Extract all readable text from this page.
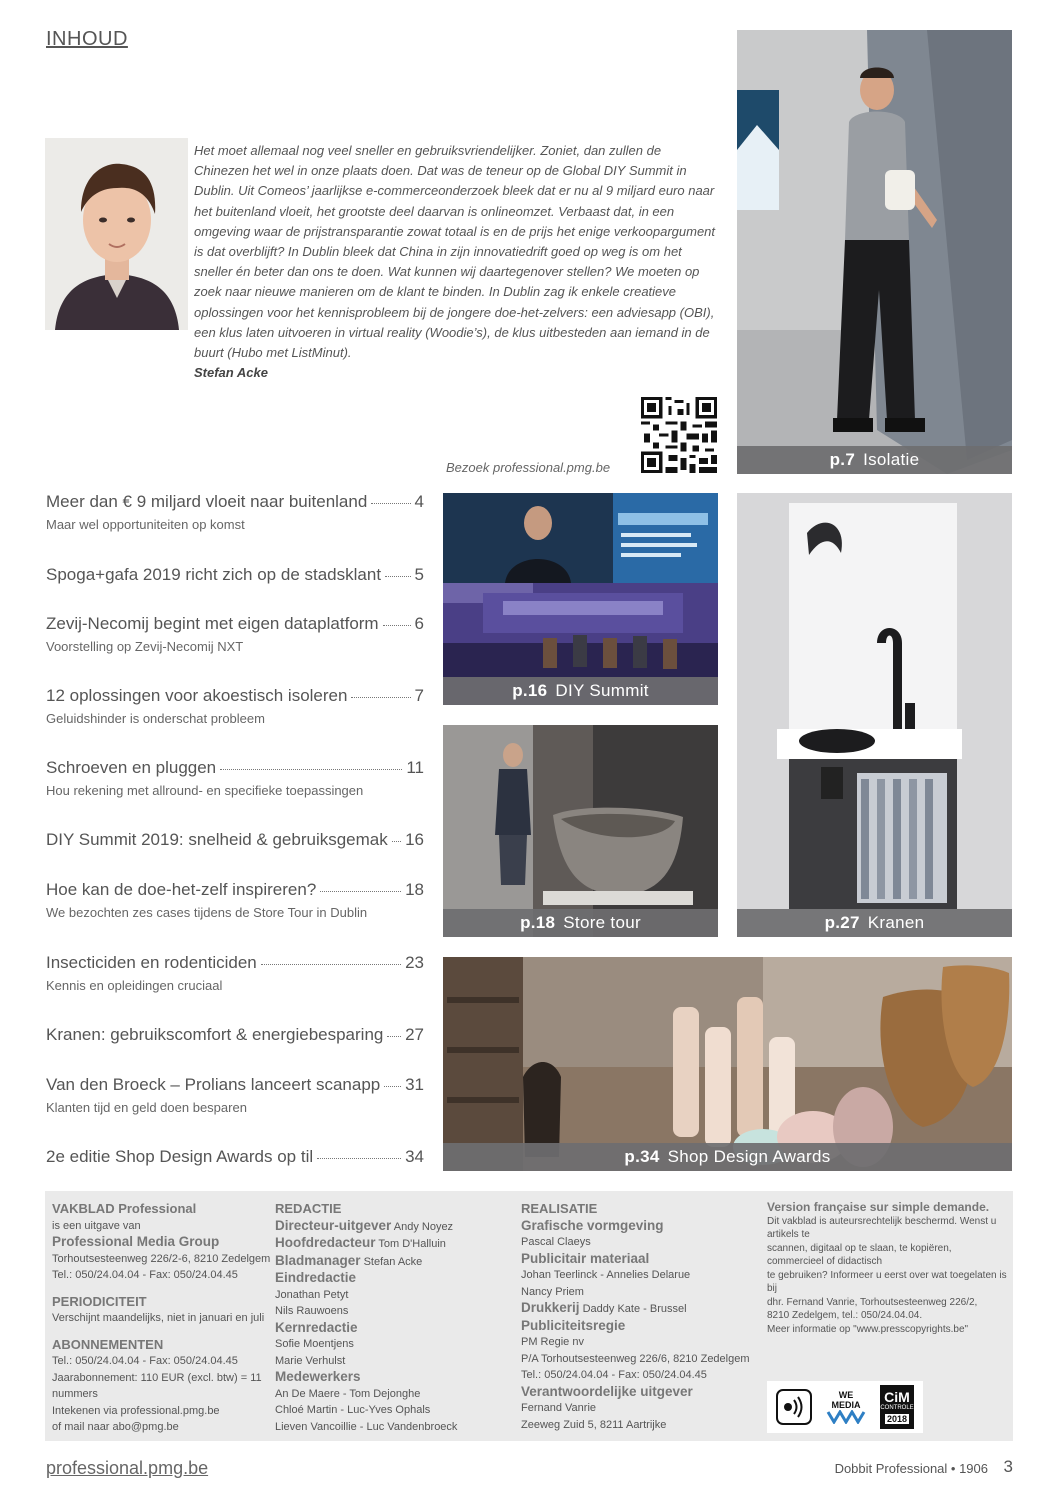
INHOUD
Het moet allemaal nog veel sneller en gebruiksvriendelijker. Zoniet, dan zullen de Chinezen het wel in onze plaats doen. Dat was de teneur op de Global DIY Summit in Dublin. Uit Comeos’ jaarlijkse e-commerceonderzoek bleek dat er nu al 9 miljard euro naar het buitenland vloeit, het grootste deel daarvan is onlineomzet. Verbaast dat, in een omgeving waar de prijstransparantie zowat totaal is en de prijs het enige verkoopargument is dat overblijft? In Dublin bleek dat China in zijn innovatiedrift goed op weg is om het sneller én beter dan ons te doen. Wat kunnen wij daartegenover stellen? We moeten op zoek naar nieuwe manieren om de klant te binden. In Dublin zag ik enkele creatieve oplossingen voor het kennisprobleem bij de jongere doe-het-zelvers: een adviesapp (OBI), een klus laten uitvoeren in virtual reality (Woodie’s), de klus uitbesteden aan iemand in de buurt (Hubo met ListMinut).
Stefan Acke
Bezoek professional.pmg.be	p.7 Isolatie
p.16 DIY Summit
p.18 Store tour	p.27 Kranen
p.34 Shop Design Awards
Meer dan € 9 miljard vloeit naar buitenland	4
Maar wel opportuniteiten op komst
Spoga+gafa 2019 richt zich op de stadsklant 5
Zevij-Necomij begint met eigen dataplatform 6
Voorstelling op Zevij-Necomij NXT
12 oplossingen voor akoestisch isoleren	7
Geluidshinder is onderschat probleem
Schroeven en pluggen	11
Hou rekening met allround- en specifieke toepassingen
DIY Summit 2019: snelheid & gebruiksgemak 16
Hoe kan de doe-het-zelf inspireren?	18
We bezochten zes cases tijdens de Store Tour in Dublin
Insecticiden en rodenticiden	23
Kennis en opleidingen cruciaal
Kranen: gebruikscomfort & energiebesparing 27
Van den Broeck – Prolians lanceert scanapp 31
Klanten tijd en geld doen besparen
2e editie Shop Design Awards op til	34
VAKBLAD Professional
is een uitgave van
Professional Media Group
Torhoutsesteenweg 226/2-6, 8210 Zedelgem
Tel.: 050/24.04.04 - Fax: 050/24.04.45
PERIODICITEIT
Verschijnt maandelijks, niet in januari en juli
ABONNEMENTEN
Tel.: 050/24.04.04 - Fax: 050/24.04.45
Jaarabonnement: 110 EUR (excl. btw) = 11 nummers
Intekenen via professional.pmg.be
of mail naar abo@pmg.be
REDACTIE
Directeur-uitgever Andy Noyez
Hoofdredacteur Tom D'Halluin
Bladmanager Stefan Acke
Eindredactie
Jonathan Petyt
Nils Rauwoens
Kernredactie
Sofie Moentjens
Marie Verhulst
Medewerkers
An De Maere - Tom Dejonghe
Chloé Martin - Luc-Yves Ophals
Lieven Vancoillie - Luc Vandenbroeck
REALISATIE
Grafische vormgeving
Pascal Claeys
Publicitair materiaal
Johan Teerlinck - Annelies Delarue
Nancy Priem
Drukkerij Daddy Kate - Brussel
Publiciteitsregie
PM Regie nv
P/A Torhoutsesteenweg 226/6, 8210 Zedelgem
Tel.: 050/24.04.04 - Fax: 050/24.04.45
Verantwoordelijke uitgever
Fernand Vanrie
Zeeweg Zuid 5, 8211 Aartrijke
Version française sur simple demande.
Dit vakblad is auteursrechtelijk beschermd. Wenst u artikels te
scannen, digitaal op te slaan, te kopiëren, commercieel of didactisch
te gebruiken? Informeer u eerst over wat toegelaten is bij
dhr. Fernand Vanrie, Torhoutsesteenweg 226/2,
8210 Zedelgem, tel.: 050/24.04.04.
Meer informatie op "www.presscopyrights.be"
WE
MEDIA CiM
CONTROLE
2018
professional.pmg.be	Dobbit Professional • 1906 3
